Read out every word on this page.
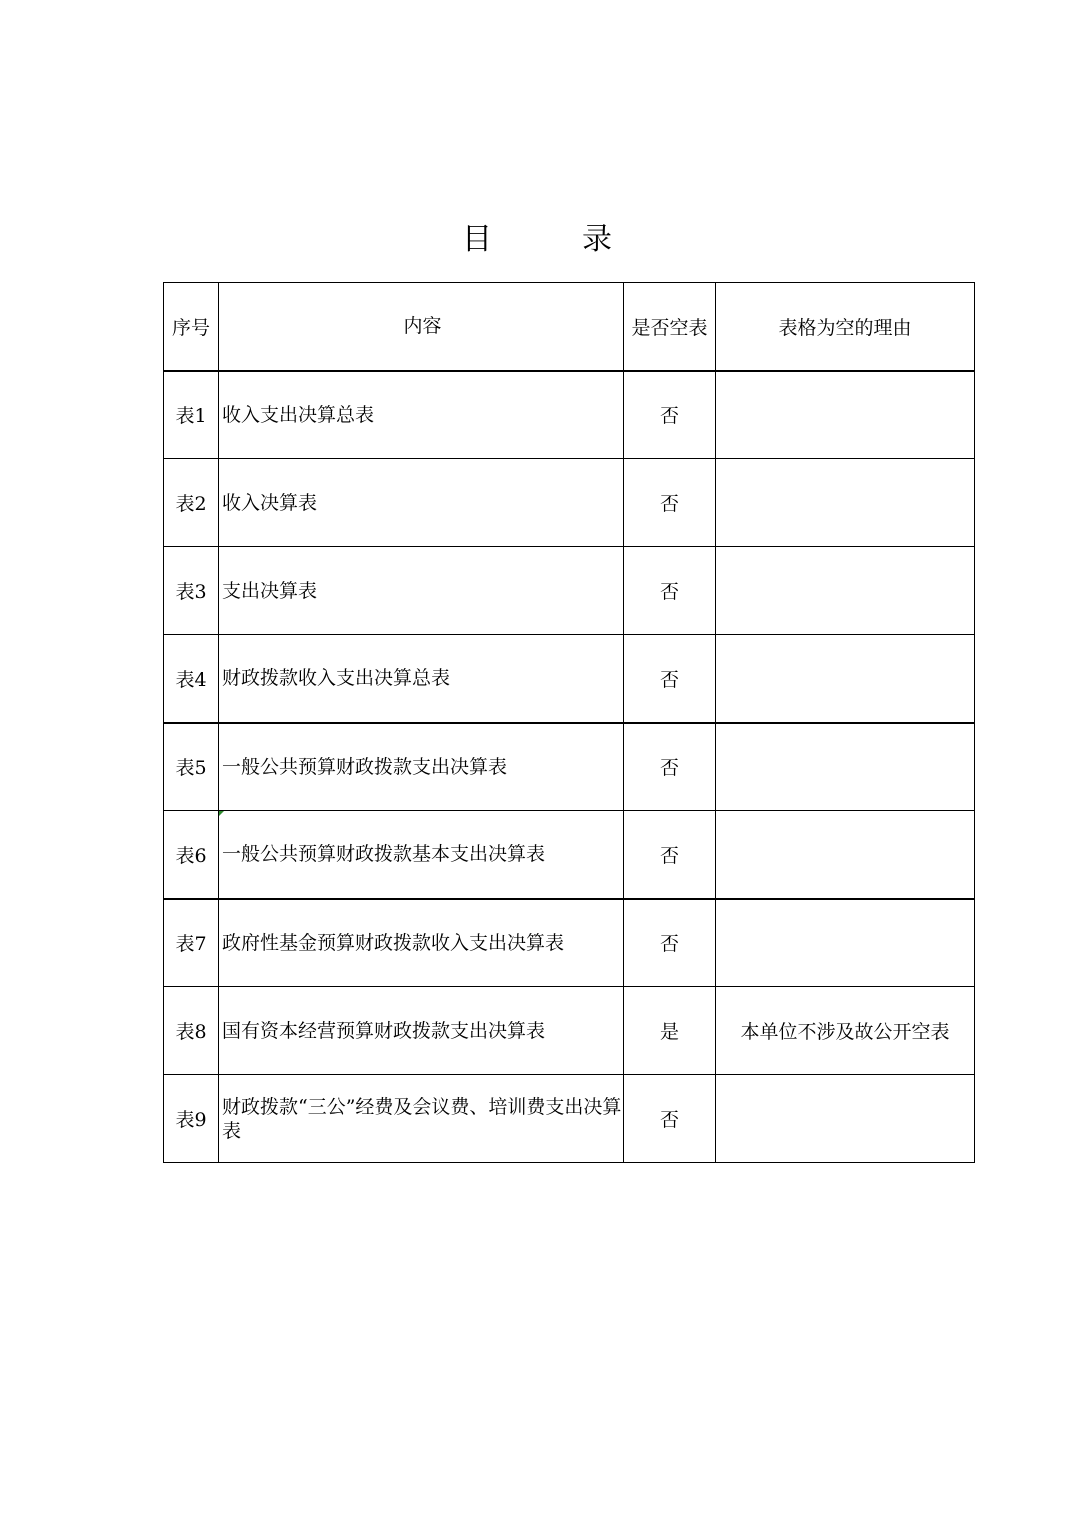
目　录
序号	内容	是否空表	表格为空的理由
表1	收入支出决算总表	否	
表2	收入决算表	否	
表3	支出决算表	否	
表4	财政拨款收入支出决算总表	否	
表5	一般公共预算财政拨款支出决算表	否	
表6	一般公共预算财政拨款基本支出决算表	否	
表7	政府性基金预算财政拨款收入支出决算表	否	
表8	国有资本经营预算财政拨款支出决算表	是	本单位不涉及故公开空表
表9	财政拨款“三公”经费及会议费、培训费支出决算表	否	
